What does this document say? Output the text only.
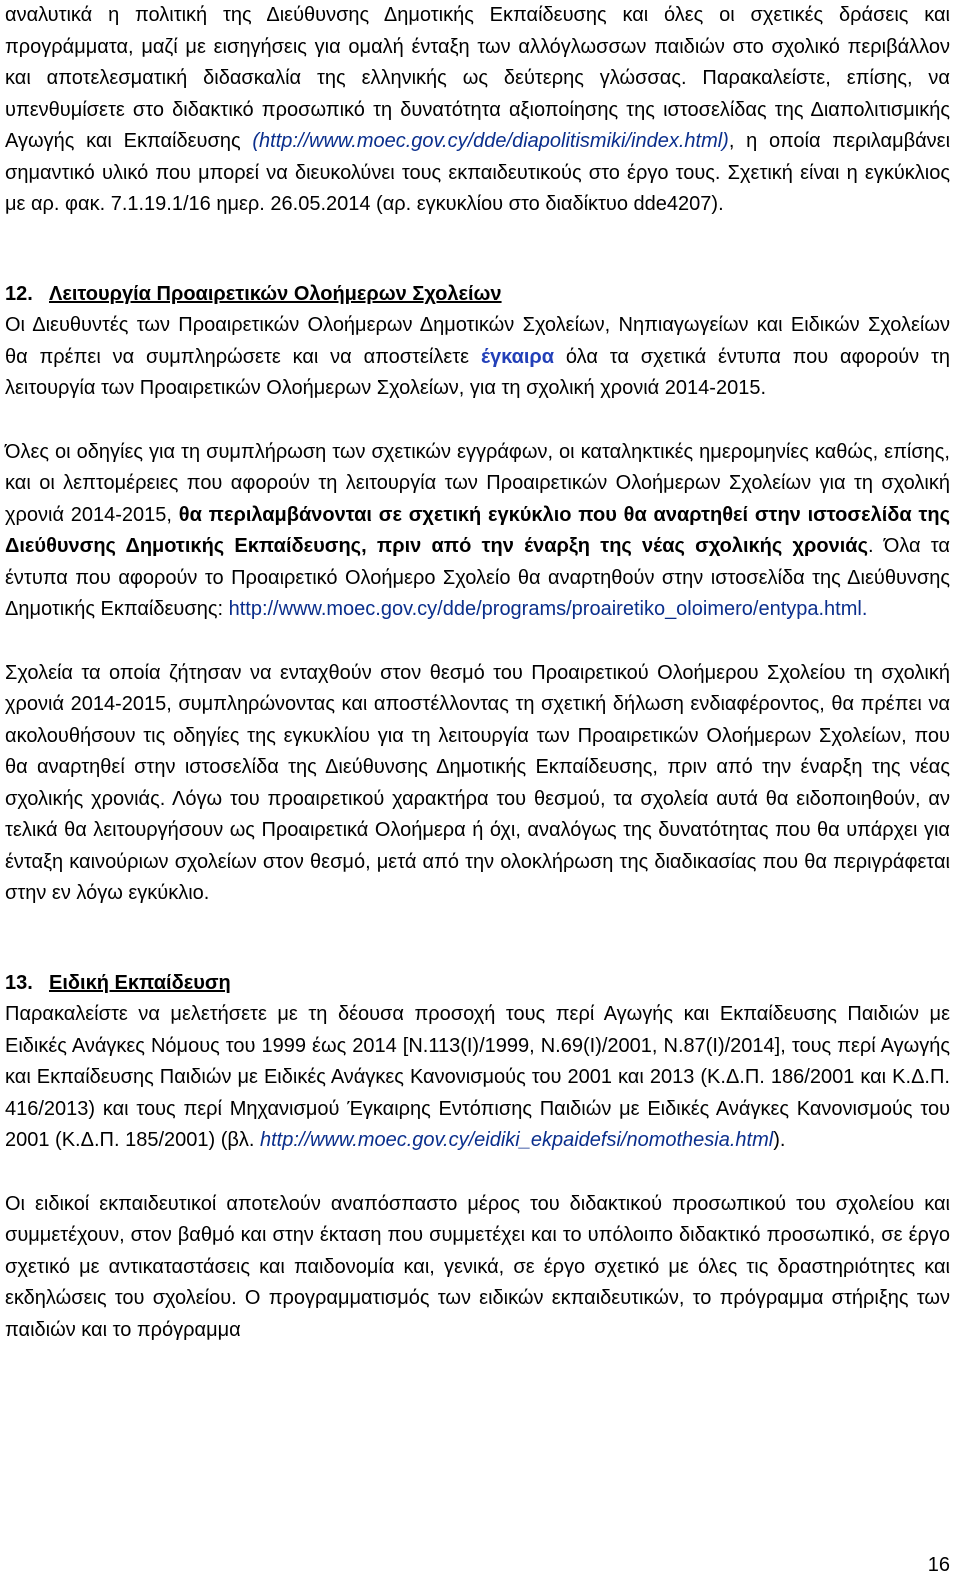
αναλυτικά η πολιτική της Διεύθυνσης Δημοτικής Εκπαίδευσης και όλες οι σχετικές δράσεις και προγράμματα, μαζί με εισηγήσεις για ομαλή ένταξη των αλλόγλωσσων παιδιών στο σχολικό περιβάλλον και αποτελεσματική διδασκαλία της ελληνικής ως δεύτερης γλώσσας. Παρακαλείστε, επίσης, να υπενθυμίσετε στο διδακτικό προσωπικό τη δυνατότητα αξιοποίησης της ιστοσελίδας της Διαπολιτισμικής Αγωγής και Εκπαίδευσης (http://www.moec.gov.cy/dde/diapolitismiki/index.html), η οποία περιλαμβάνει σημαντικό υλικό που μπορεί να διευκολύνει τους εκπαιδευτικούς στο έργο τους. Σχετική είναι η εγκύκλιος με αρ. φακ. 7.1.19.1/16 ημερ. 26.05.2014 (αρ. εγκυκλίου στο διαδίκτυο dde4207).

12. Λειτουργία Προαιρετικών Ολοήμερων Σχολείων

Οι Διευθυντές των Προαιρετικών Ολοήμερων Δημοτικών Σχολείων, Νηπιαγωγείων και Ειδικών Σχολείων θα πρέπει να συμπληρώσετε και να αποστείλετε έγκαιρα όλα τα σχετικά έντυπα που αφορούν τη λειτουργία των Προαιρετικών Ολοήμερων Σχολείων, για τη σχολική χρονιά 2014-2015.

Όλες οι οδηγίες για τη συμπλήρωση των σχετικών εγγράφων, οι καταληκτικές ημερομηνίες καθώς, επίσης, και οι λεπτομέρειες που αφορούν τη λειτουργία των Προαιρετικών Ολοήμερων Σχολείων για τη σχολική χρονιά 2014-2015, θα περιλαμβάνονται σε σχετική εγκύκλιο που θα αναρτηθεί στην ιστοσελίδα της Διεύθυνσης Δημοτικής Εκπαίδευσης, πριν από την έναρξη της νέας σχολικής χρονιάς. Όλα τα έντυπα που αφορούν το Προαιρετικό Ολοήμερο Σχολείο θα αναρτηθούν στην ιστοσελίδα της Διεύθυνσης Δημοτικής Εκπαίδευσης: http://www.moec.gov.cy/dde/programs/proairetiko_oloimero/entypa.html.

Σχολεία τα οποία ζήτησαν να ενταχθούν στον θεσμό του Προαιρετικού Ολοήμερου Σχολείου τη σχολική χρονιά 2014-2015, συμπληρώνοντας και αποστέλλοντας τη σχετική δήλωση ενδιαφέροντος, θα πρέπει να ακολουθήσουν τις οδηγίες της εγκυκλίου για τη λειτουργία των Προαιρετικών Ολοήμερων Σχολείων, που θα αναρτηθεί στην ιστοσελίδα της Διεύθυνσης Δημοτικής Εκπαίδευσης, πριν από την έναρξη της νέας σχολικής χρονιάς. Λόγω του προαιρετικού χαρακτήρα του θεσμού, τα σχολεία αυτά θα ειδοποιηθούν, αν τελικά θα λειτουργήσουν ως Προαιρετικά Ολοήμερα ή όχι, αναλόγως της δυνατότητας που θα υπάρχει για ένταξη καινούριων σχολείων στον θεσμό, μετά από την ολοκλήρωση της διαδικασίας που θα περιγράφεται στην εν λόγω εγκύκλιο.

13. Ειδική Εκπαίδευση

Παρακαλείστε να μελετήσετε με τη δέουσα προσοχή τους περί Αγωγής και Εκπαίδευσης Παιδιών με Ειδικές Ανάγκες Νόμους του 1999 έως 2014 [Ν.113(Ι)/1999, Ν.69(Ι)/2001, Ν.87(Ι)/2014], τους περί Αγωγής και Εκπαίδευσης Παιδιών με Ειδικές Ανάγκες Κανονισμούς του 2001 και 2013 (Κ.Δ.Π. 186/2001 και Κ.Δ.Π. 416/2013) και τους περί Μηχανισμού Έγκαιρης Εντόπισης Παιδιών με Ειδικές Ανάγκες Κανονισμούς του 2001 (Κ.Δ.Π. 185/2001) (βλ. http://www.moec.gov.cy/eidiki_ekpaidefsi/nomothesia.html).

Οι ειδικοί εκπαιδευτικοί αποτελούν αναπόσπαστο μέρος του διδακτικού προσωπικού του σχολείου και συμμετέχουν, στον βαθμό και στην έκταση που συμμετέχει και το υπόλοιπο διδακτικό προσωπικό, σε έργο σχετικό με αντικαταστάσεις και παιδονομία και, γενικά, σε έργο σχετικό με όλες τις δραστηριότητες και εκδηλώσεις του σχολείου. Ο προγραμματισμός των ειδικών εκπαιδευτικών, το πρόγραμμα στήριξης των παιδιών και το πρόγραμμα

16
